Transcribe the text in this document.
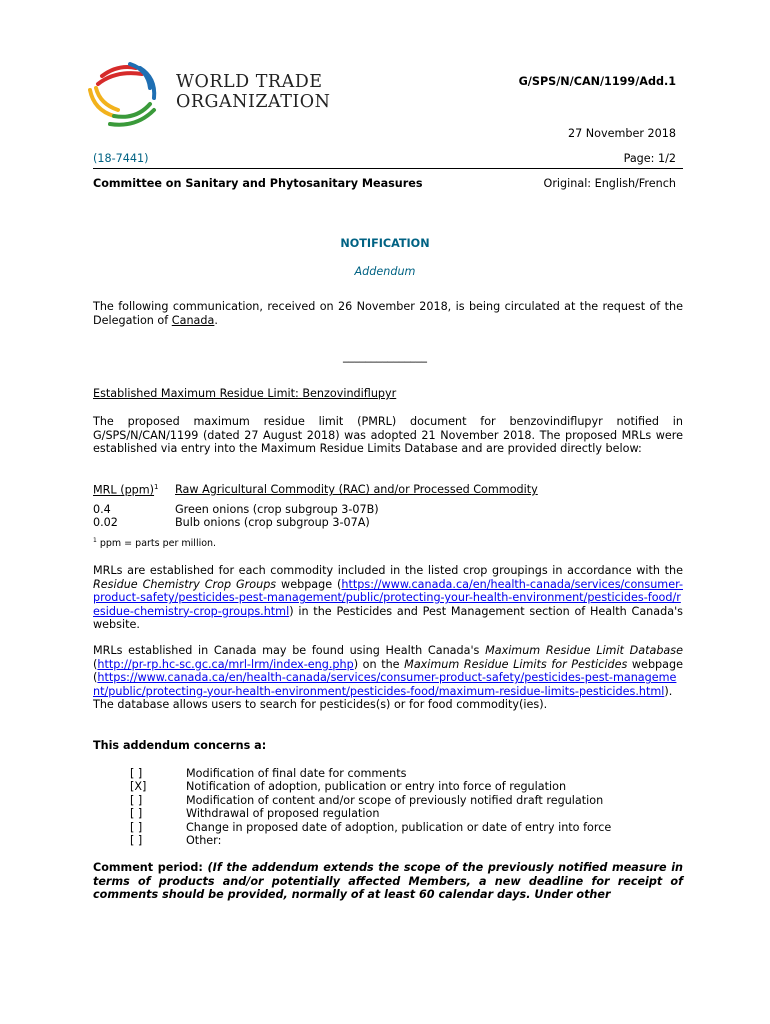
WORLD TRADE
ORGANIZATION
G/SPS/N/CAN/1199/Add.1
27 November 2018
(18-7441)	Page: 1/2
Committee on Sanitary and Phytosanitary Measures	Original: English/French
NOTIFICATION
Addendum
The following communication, received on 26 November 2018, is being circulated at the request of the Delegation of Canada.
_______________
Established Maximum Residue Limit: Benzovindiflupyr
The proposed maximum residue limit (PMRL) document for benzovindiflupyr notified in G/SPS/N/CAN/1199 (dated 27 August 2018) was adopted 21 November 2018. The proposed MRLs were established via entry into the Maximum Residue Limits Database and are provided directly below:
MRL (ppm)$^1$ Raw Agricultural Commodity (RAC) and/or Processed Commodity
0.4	Green onions (crop subgroup 3-07B)
0.02	Bulb onions (crop subgroup 3-07A)
$^1$ ppm = parts per million.
MRLs are established for each commodity included in the listed crop groupings in accordance with the Residue Chemistry Crop Groups webpage (https://www.canada.ca/en/health-canada/services/consumer-product-safety/pesticides-pest-management/public/protecting-your-health-environment/pesticides-food/residue-chemistry-crop-groups.html) in the Pesticides and Pest Management section of Health Canada's website.
MRLs established in Canada may be found using Health Canada's Maximum Residue Limit Database (http://pr-rp.hc-sc.gc.ca/mrl-lrm/index-eng.php) on the Maximum Residue Limits for Pesticides webpage (https://www.canada.ca/en/health-canada/services/consumer-product-safety/pesticides-pest-management/public/protecting-your-health-environment/pesticides-food/maximum-residue-limits-pesticides.html). The database allows users to search for pesticides(s) or for food commodity(ies).
This addendum concerns a:
[ ]	Modification of final date for comments
[X]	Notification of adoption, publication or entry into force of regulation
[ ]	Modification of content and/or scope of previously notified draft regulation
[ ]	Withdrawal of proposed regulation
[ ]	Change in proposed date of adoption, publication or date of entry into force
[ ]	Other:
Comment period: (If the addendum extends the scope of the previously notified measure in terms of products and/or potentially affected Members, a new deadline for receipt of comments should be provided, normally of at least 60 calendar days. Under other
